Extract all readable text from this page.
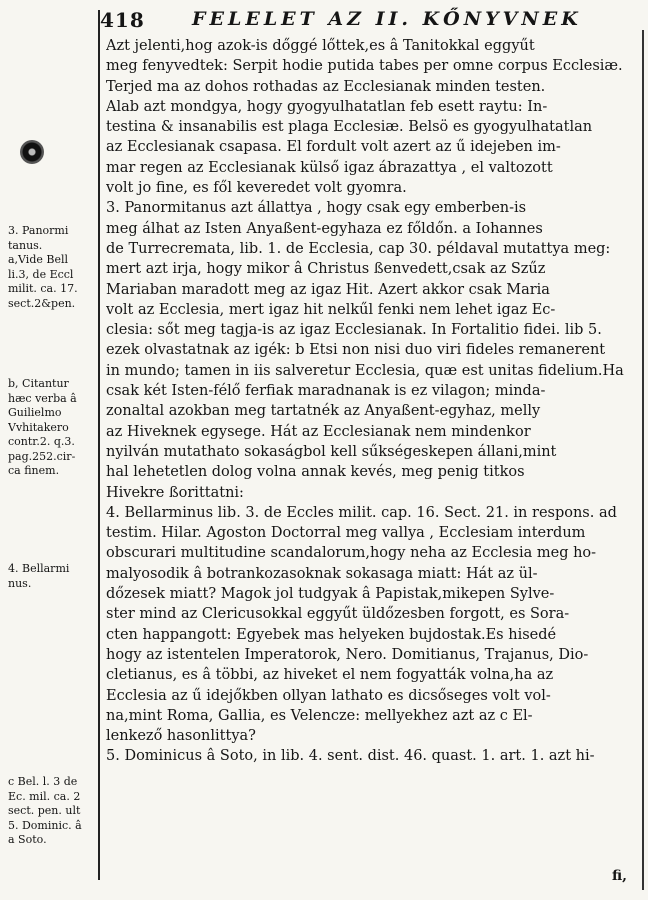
418 FELELET AZ II. KŐNYVNEK
Azt jelenti,hog azok-is dőggé lőttek,es â Tanitokkal eggyűt
meg fenyvedtek: Serpit hodie putida tabes per omne corpus Ecclesiæ.
Terjed ma az dohos rothadas az Ecclesianak minden testen.
Alab azt mondgya, hogy gyogyulhatatlan feb esett raytu: In-
testina & insanabilis est plaga Ecclesiæ. Belsö es gyogyulhatatlan
az Ecclesianak csapasa. El fordult volt azert az ű idejeben im-
mar regen az Ecclesianak külső igaz ábrazattya , el valtozott
volt jo fine, es fől keveredet volt gyomra.
3. Panormitanus azt állattya , hogy csak egy emberben-is
meg álhat az Isten Anyaßent-egyhaza ez főldőn. a Iohannes
de Turrecremata, lib. 1. de Ecclesia, cap 30. példaval mutattya meg:
mert azt irja, hogy mikor â Christus ßenvedett,csak az Szűz
Mariaban maradott meg az igaz Hit. Azert akkor csak Maria
volt az Ecclesia, mert igaz hit nelkűl fenki nem lehet igaz Ec-
clesia: sőt meg tagja-is az igaz Ecclesianak. In Fortalitio fidei. lib 5.
ezek olvastatnak az igék: b Etsi non nisi duo viri fideles remanerent
in mundo; tamen in iis salveretur Ecclesia, quæ est unitas fidelium.Ha
csak két Isten-félő ferfiak maradnanak is ez vilagon; minda-
zonaltal azokban meg tartatnék az Anyaßent-egyhaz, melly
az Hiveknek egysege. Hát az Ecclesianak nem mindenkor
nyilván mutathato sokaságbol kell sűkségeskepen állani,mint
hal lehetetlen dolog volna annak kevés, meg penig titkos
Hivekre ßorittatni:
4. Bellarminus lib. 3. de Eccles milit. cap. 16. Sect. 21. in respons. ad
testim. Hilar. Agoston Doctorral meg vallya , Ecclesiam interdum
obscurari multitudine scandalorum,hogy neha az Ecclesia meg ho-
malyosodik â botrankozasoknak sokasaga miatt: Hát az ül-
dőzesek miatt? Magok jol tudgyak â Papistak,mikepen Sylve-
ster mind az Clericusokkal eggyűt üldőzesben forgott, es Sora-
cten happangott: Egyebek mas helyeken bujdostak.Es hisedé
hogy az istentelen Imperatorok, Nero. Domitianus, Trajanus, Dio-
cletianus, es â többi, az hiveket el nem fogyatták volna,ha az
Ecclesia az ű idejőkben ollyan lathato es dicsőseges volt vol-
na,mint Roma, Gallia, es Velencze: mellyekhez azt az c El-
lenkező hasonlittya?
5. Dominicus â Soto, in lib. 4. sent. dist. 46. quast. 1. art. 1. azt hi-
3. Panormi
tanus.
a,Vide Bell
li.3, de Eccl
milit. ca. 17.
sect.2&pen.
b, Citantur
hæc verba â
Guilielmo
Vvhitakero
contr.2. q.3.
pag.252.cir-
ca finem.
4. Bellarmi
nus.
c Bel. l. 3 de
Ec. mil. ca. 2
sect. pen. ult
5. Dominic. â
a Soto.
fi,
